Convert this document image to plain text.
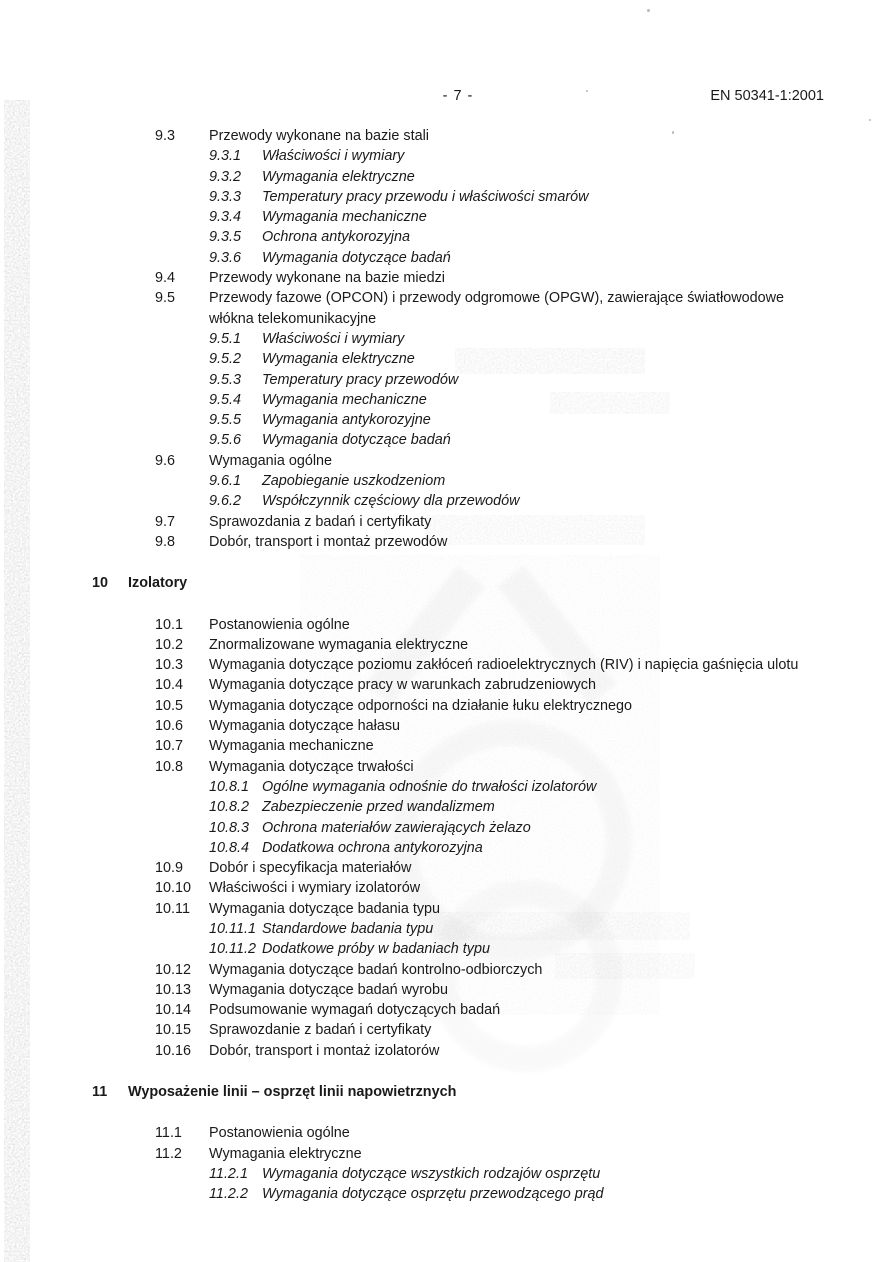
- 7 -	EN 50341-1:2001
9.3	Przewody wykonane na bazie stali
9.3.1	Właściwości i wymiary
9.3.2	Wymagania elektryczne
9.3.3	Temperatury pracy przewodu i właściwości smarów
9.3.4	Wymagania mechaniczne
9.3.5	Ochrona antykorozyjna
9.3.6	Wymagania dotyczące badań
9.4	Przewody wykonane na bazie miedzi
9.5	Przewody fazowe (OPCON) i przewody odgromowe (OPGW), zawierające światłowodowe włókna telekomunikacyjne
9.5.1	Właściwości i wymiary
9.5.2	Wymagania elektryczne
9.5.3	Temperatury pracy przewodów
9.5.4	Wymagania mechaniczne
9.5.5	Wymagania antykorozyjne
9.5.6	Wymagania dotyczące badań
9.6	Wymagania ogólne
9.6.1	Zapobieganie uszkodzeniom
9.6.2	Współczynnik częściowy dla przewodów
9.7	Sprawozdania z badań i certyfikaty
9.8	Dobór, transport i montaż przewodów
10	Izolatory
10.1	Postanowienia ogólne
10.2	Znormalizowane wymagania elektryczne
10.3	Wymagania dotyczące poziomu zakłóceń radioelektrycznych (RIV) i napięcia gaśnięcia ulotu
10.4	Wymagania dotyczące pracy w warunkach zabrudzeniowych
10.5	Wymagania dotyczące odporności na działanie łuku elektrycznego
10.6	Wymagania dotyczące hałasu
10.7	Wymagania mechaniczne
10.8	Wymagania dotyczące trwałości
10.8.1 Ogólne wymagania odnośnie do trwałości izolatorów
10.8.2 Zabezpieczenie przed wandalizmem
10.8.3 Ochrona materiałów zawierających żelazo
10.8.4 Dodatkowa ochrona antykorozyjna
10.9	Dobór i specyfikacja materiałów
10.10	Właściwości i wymiary izolatorów
10.11	Wymagania dotyczące badania typu
10.11.1 Standardowe badania typu
10.11.2 Dodatkowe próby w badaniach typu
10.12	Wymagania dotyczące badań kontrolno-odbiorczych
10.13	Wymagania dotyczące badań wyrobu
10.14	Podsumowanie wymagań dotyczących badań
10.15	Sprawozdanie z badań i certyfikaty
10.16	Dobór, transport i montaż izolatorów
11	Wyposażenie linii – osprzęt linii napowietrznych
11.1	Postanowienia ogólne
11.2	Wymagania elektryczne
11.2.1 Wymagania dotyczące wszystkich rodzajów osprzętu
11.2.2 Wymagania dotyczące osprzętu przewodzącego prąd
